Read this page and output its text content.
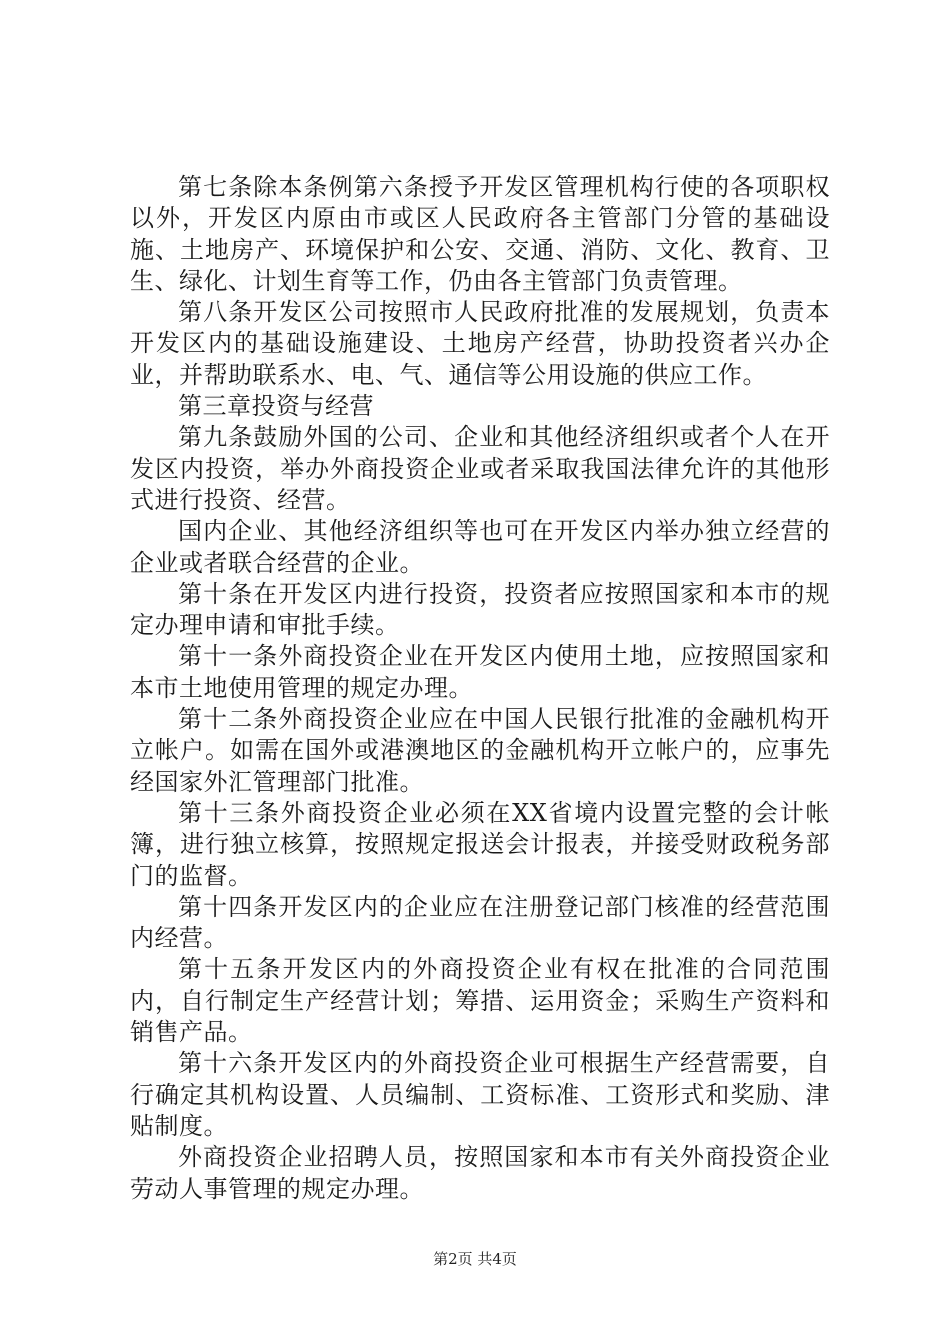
第七条除本条例第六条授予开发区管理机构行使的各项职权以外，开发区内原由市或区人民政府各主管部门分管的基础设施、土地房产、环境保护和公安、交通、消防、文化、教育、卫生、绿化、计划生育等工作，仍由各主管部门负责管理。

第八条开发区公司按照市人民政府批准的发展规划，负责本开发区内的基础设施建设、土地房产经营，协助投资者兴办企业，并帮助联系水、电、气、通信等公用设施的供应工作。

第三章投资与经营

第九条鼓励外国的公司、企业和其他经济组织或者个人在开发区内投资，举办外商投资企业或者采取我国法律允许的其他形式进行投资、经营。

国内企业、其他经济组织等也可在开发区内举办独立经营的企业或者联合经营的企业。

第十条在开发区内进行投资，投资者应按照国家和本市的规定办理申请和审批手续。

第十一条外商投资企业在开发区内使用土地，应按照国家和本市土地使用管理的规定办理。

第十二条外商投资企业应在中国人民银行批准的金融机构开立帐户。如需在国外或港澳地区的金融机构开立帐户的，应事先经国家外汇管理部门批准。

第十三条外商投资企业必须在XX省境内设置完整的会计帐簿，进行独立核算，按照规定报送会计报表，并接受财政税务部门的监督。

第十四条开发区内的企业应在注册登记部门核准的经营范围内经营。

第十五条开发区内的外商投资企业有权在批准的合同范围内，自行制定生产经营计划；筹措、运用资金；采购生产资料和销售产品。

第十六条开发区内的外商投资企业可根据生产经营需要，自行确定其机构设置、人员编制、工资标准、工资形式和奖励、津贴制度。

外商投资企业招聘人员，按照国家和本市有关外商投资企业劳动人事管理的规定办理。

第2页 共4页
